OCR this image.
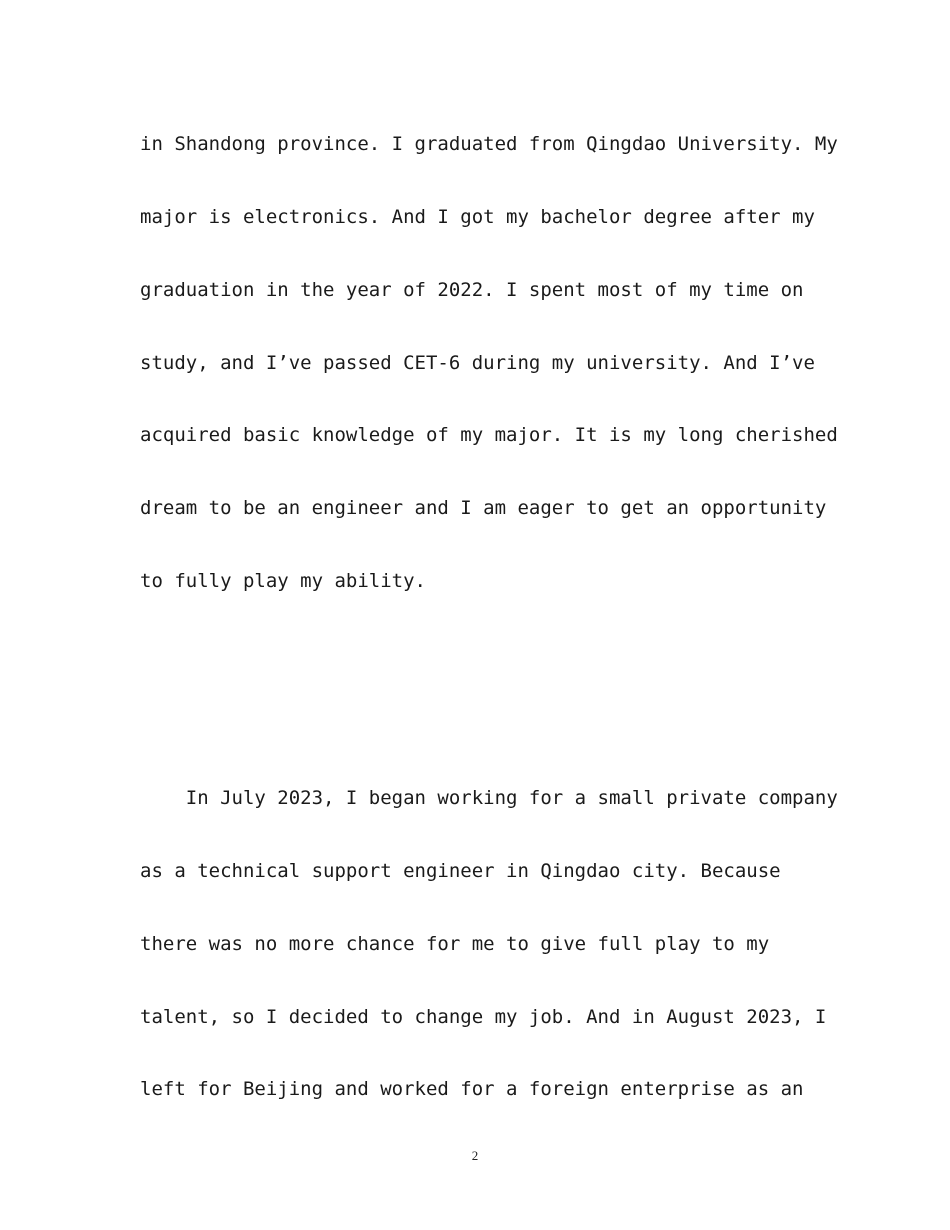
in Shandong province. I graduated from Qingdao University. My
major is electronics. And I got my bachelor degree after my
graduation in the year of 2022. I spent most of my time on
study, and I’ve passed CET-6 during my university. And I’ve
acquired basic knowledge of my major. It is my long cherished
dream to be an engineer and I am eager to get an opportunity
to fully play my ability.
In July 2023, I began working for a small private company
as a technical support engineer in Qingdao city. Because
there was no more chance for me to give full play to my
talent, so I decided to change my job. And in August 2023, I
left for Beijing and worked for a foreign enterprise as an
2
